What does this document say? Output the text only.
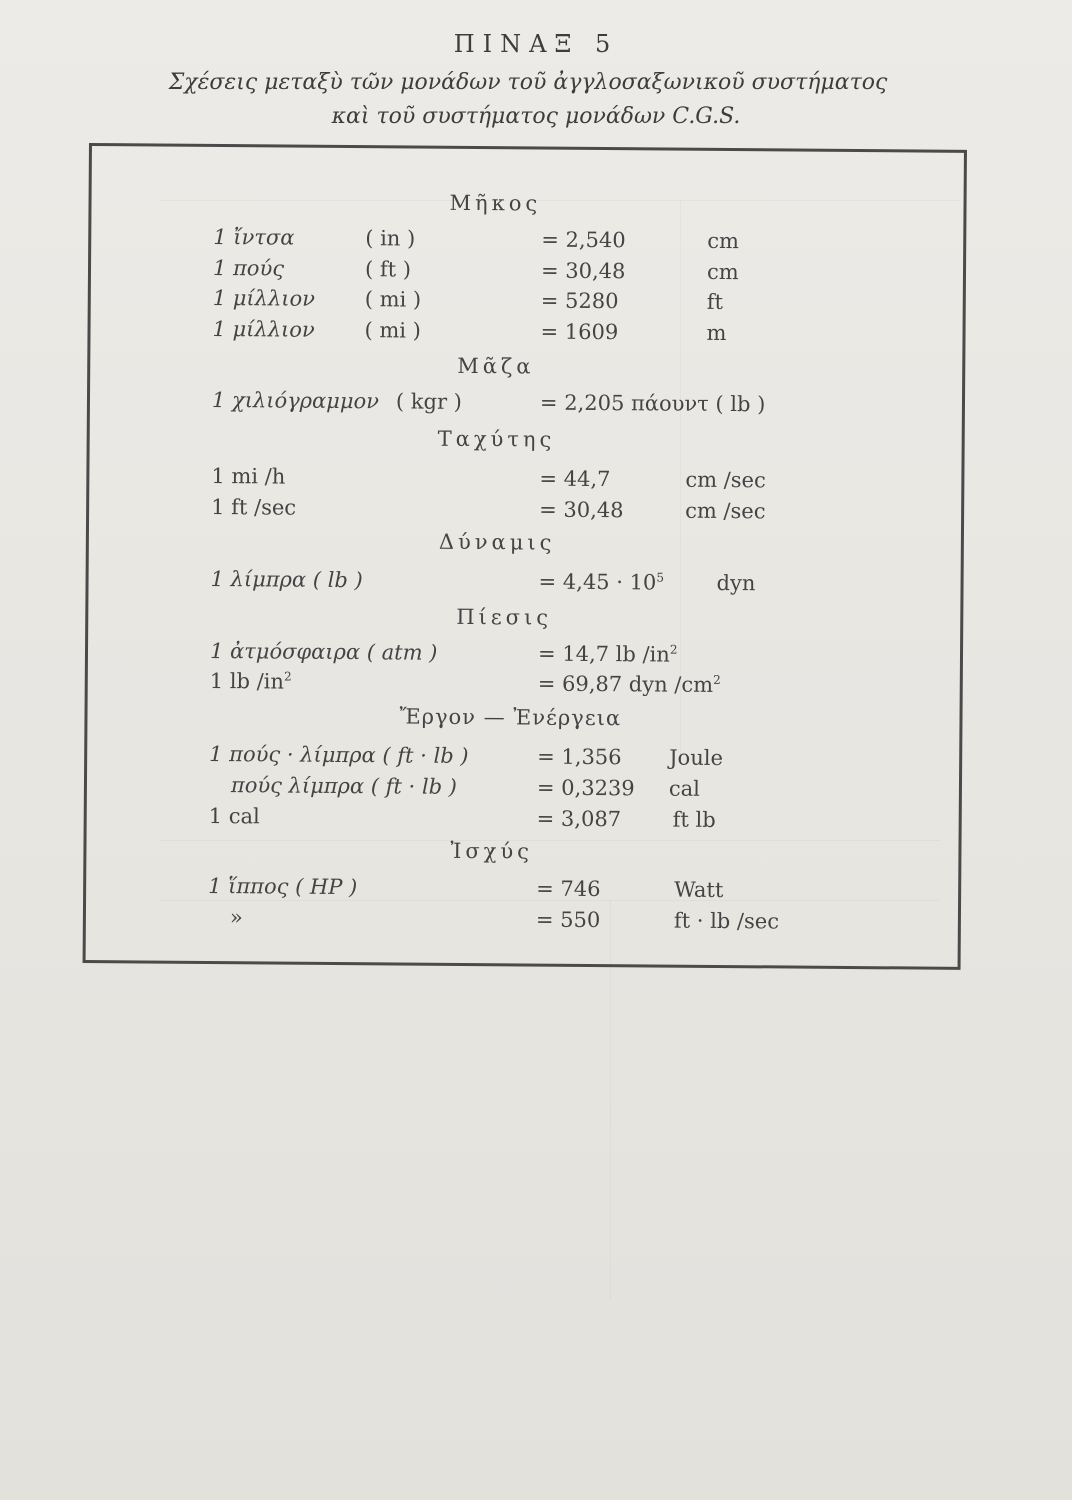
ΠΙΝΑΞ 5
Σχέσεις μεταξὺ τῶν μονάδων τοῦ ἀγγλοσαξωνικοῦ συστήματος
καὶ τοῦ συστήματος μονάδων C.G.S.
Μῆκος
1 ἴντσα	( in )	= 2,540	cm
1 πούς	( ft )	= 30,48	cm
1 μίλλιον ( mi )	= 5280	ft
1 μίλλιον ( mi )	= 1609	m
Μᾶζα
1 χιλιόγραμμον ( kgr )	= 2,205 πάουντ ( lb )
Ταχύτης
1 mi /h	= 44,7	cm /sec
1 ft /sec	= 30,48	cm /sec
Δύναμις
1 λίμπρα ( lb )	= $4,45 \cdot 10^5$ dyn
Πίεσις
1 ἀτμόσφαιρα ( atm )	= 14,7 lb $/in^2$
1 lb $/in^2$	= 69,87 dyn $/cm^2$
Ἔργον — Ἐνέργεια
1 πούς · λίμπρα ( ft · lb )	= 1,356 Joule
πούς λίμπρα ( ft · lb )	= 0,3239 cal
1 cal	= 3,087 ft lb
Ἰσχύς
1 ἵππος ( HP )	= 746	Watt
»	= 550	ft · lb /sec
